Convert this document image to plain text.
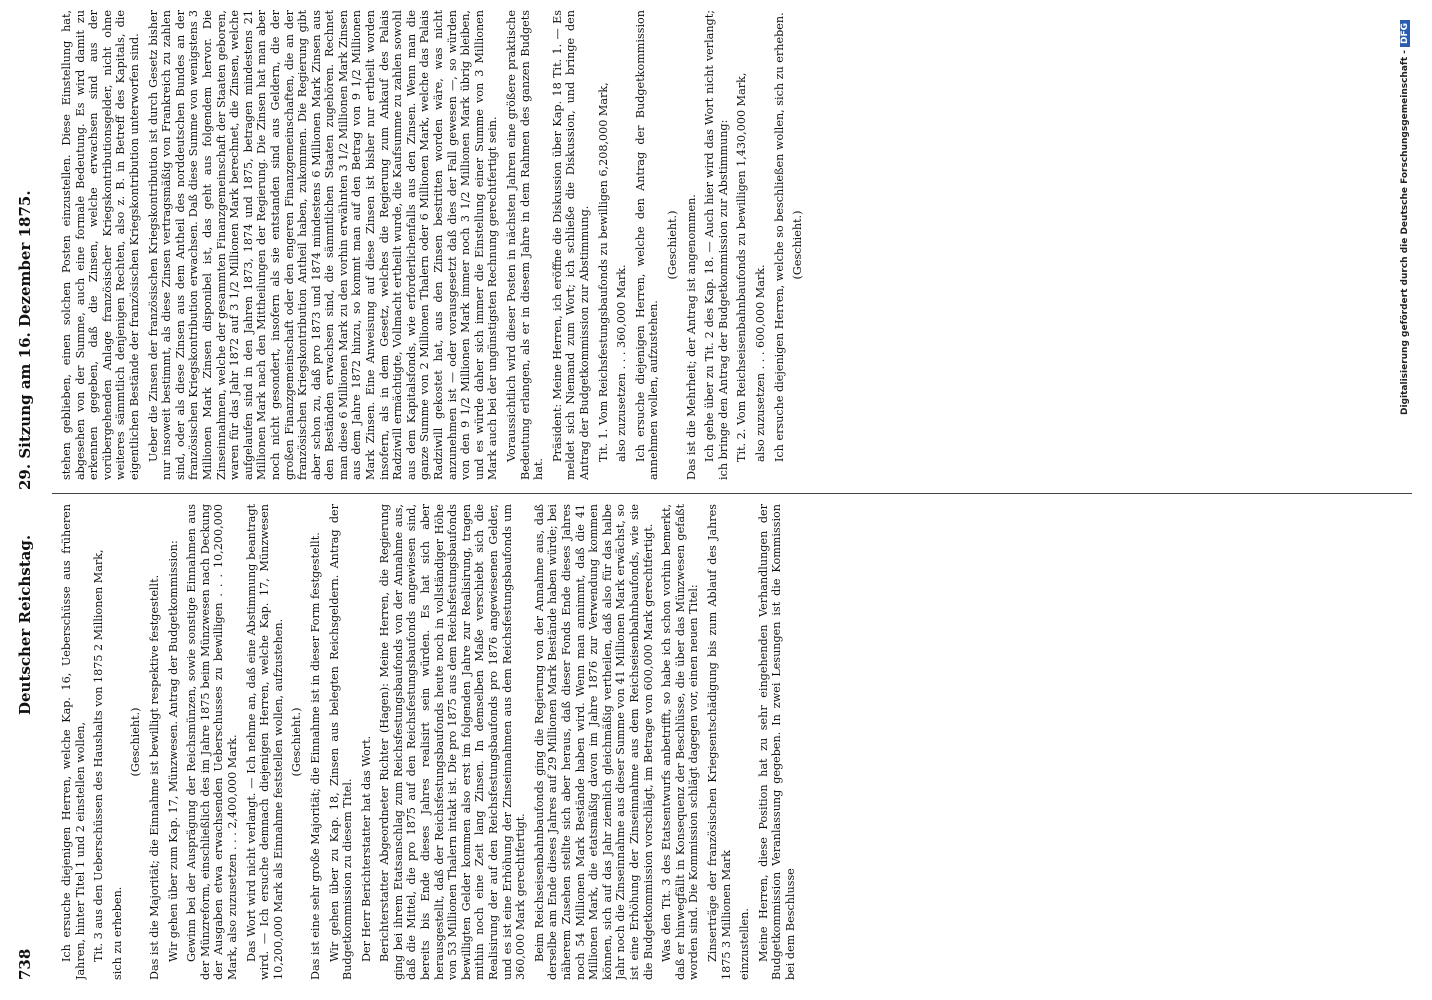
738
Deutscher Reichstag.
29. Sitzung am 16. Dezember 1875.

Ich ersuche diejenigen Herren, welche Kap. 16, Ueberschüsse aus früheren Jahren, hinter Titel 1 und 2 einstellen wollen, Tit. 3 aus den Ueberschüssen des Haushalts von 1875 2 Millionen Mark, sich zu erheben.

(Geschieht.) Das ist die Majorität; die Einnahme ist bewilligt respektive festgestellt. Wir gehen über zum Kap. 17, Münzwesen. Antrag der Budgetkommission: Gewinn bei der Ausprägung der Reichsmünzen, sowie sonstige Einnahmen aus der Münzreform, einschließlich des im Jahre 1875 beim Münzwesen nach Deckung der Ausgaben etwa erwachsenden Ueberschusses zu bewilligen . . . 10,200,000 Mark, also zuzusetzen . . . 2,400,000 Mark. Das Wort wird nicht verlangt. — Ich nehme an, daß eine Abstimmung beantragt wird. — Ich ersuche demnach diejenigen Herren, welche Kap. 17, Münzwesen 10,200,000 Mark als Einnahme feststellen wollen, aufzustehen. (Geschieht.) Das ist eine sehr große Majorität; die Einnahme ist in dieser Form festgestellt. Wir gehen über zu Kap. 18, Zinsen aus belegten Reichsgeldern. Antrag der Budgetkommission zu diesem Titel. Der Herr Berichterstatter hat das Wort. Berichterstatter Abgeordneter Richter (Hagen): Meine Herren, die Regierung ging bei ihrem Etatsanschlag zum Reichsfestungsbaufonds von der Annahme aus, daß die Mittel, die pro 1875 auf den Reichsfestungsbaufonds angewiesen sind, bereits bis Ende dieses Jahres realisirt sein würden. Es hat sich aber herausgestellt, daß der Reichsfestungsbaufonds heute noch in vollständiger Höhe von 53 Millionen Thalern intakt ist. Die pro 1875 aus dem Reichsfestungsbaufonds bewilligten Gelder kommen also erst im folgenden Jahre zur Realisirung, tragen mithin noch eine Zeit lang Zinsen. In demselben Maße verschiebt sich die Realisirung der auf den Reichsfestungsbaufonds pro 1876 angewiesenen Gelder, und es ist eine Erhöhung der Zinseinnahmen aus dem Reichsfestungsbaufonds um 360,000 Mark gerechtfertigt. Beim Reichseisenbahnbaufonds ging die Regierung von der Annahme aus, daß derselbe am Ende dieses Jahres auf 29 Millionen Mark Bestände haben würde; bei näherem Zusehen stellte sich aber heraus, daß dieser Fonds Ende dieses Jahres noch 54 Millionen Mark Bestände haben wird. Wenn man annimmt, daß die 41 Millionen Mark, die etatsmäßig davon im Jahre 1876 zur Verwendung kommen können, sich auf das Jahr ziemlich gleichmäßig vertheilen, daß also für das halbe Jahr noch die Zinseinnahme aus dieser Summe von 41 Millionen Mark erwächst, so ist eine Erhöhung der Zinseinnahme aus dem Reichseisenbahnbaufonds, wie sie die Budgetkommission vorschlägt, im Betrage von 600,000 Mark gerechtfertigt. Was den Tit. 3 des Etatsentwurfs anbetrifft, so habe ich schon vorhin bemerkt, daß er hinwegfällt in Konsequenz der Beschlüsse, die über das Münzwesen gefaßt worden sind. Die Kommission schlägt dagegen vor, einen neuen Titel: Zinserträge der französischen Kriegsentschädigung bis zum Ablauf des Jahres 1875 3 Millionen Mark einzustellen. Meine Herren, diese Position hat zu sehr eingehenden Verhandlungen der Budgetkommission Veranlassung gegeben. In zwei Lesungen ist die Kommission bei dem Beschlusse

stehen geblieben, einen solchen Posten einzustellen. Diese Einstellung hat, abgesehen von der Summe, auch eine formale Bedeutung. Es wird damit zu erkennen gegeben, daß die Zinsen, welche erwachsen sind aus der vorübergehenden Anlage französischer Kriegskontributionsgelder, nicht ohne weiteres sämmtlich denjenigen Rechten, also z. B. in Betreff des Kapitals, die eigentlichen Bestände der französischen Kriegskontribution unterworfen sind. Ueber die Zinsen der französischen Kriegskontribution ist durch Gesetz bisher nur insoweit bestimmt, als diese Zinsen vertragsmäßig von Frankreich zu zahlen sind, oder als diese Zinsen aus dem Antheil des norddeutschen Bundes an der französischen Kriegskontribution erwachsen. Daß diese Summe von wenigstens 3 Millionen Mark Zinsen disponibel ist, das geht aus folgendem hervor. Die Zinseinnahmen, welche der gesammten Finanzgemeinschaft der Staaten geboren, waren für das Jahr 1872 auf 3 1/2 Millionen Mark berechnet, die Zinsen, welche aufgelaufen sind in den Jahren 1873, 1874 und 1875, betragen mindestens 21 Millionen Mark nach den Mittheilungen der Regierung. Die Zinsen hat man aber noch nicht gesondert, insofern als sie entstanden sind aus Geldern, die der großen Finanzgemeinschaft oder den engeren Finanzgemeinschaften, die an der französischen Kriegskontribution Antheil haben, zukommen. Die Regierung gibt aber schon zu, daß pro 1873 und 1874 mindestens 6 Millionen Mark Zinsen aus den Beständen erwachsen sind, die sämmtlichen Staaten zugehören. Rechnet man diese 6 Millionen Mark zu den vorhin erwähnten 3 1/2 Millionen Mark Zinsen aus dem Jahre 1872 hinzu, so kommt man auf den Betrag von 9 1/2 Millionen Mark Zinsen. Eine Anweisung auf diese Zinsen ist bisher nur ertheilt worden insofern, als in dem Gesetz, welches die Regierung zum Ankauf des Palais Radziwill ermächtigte, Vollmacht ertheilt wurde, die Kaufsumme zu zahlen sowohl aus dem Kapitalsfonds, wie erforderlichenfalls aus den Zinsen. Wenn man die ganze Summe von 2 Millionen Thalern oder 6 Millionen Mark, welche das Palais Radziwill gekostet hat, aus den Zinsen bestritten worden wäre, was nicht anzunehmen ist — oder vorausgesetzt daß dies der Fall gewesen —, so würden von den 9 1/2 Millionen Mark immer noch 3 1/2 Millionen Mark übrig bleiben, und es würde daher sich immer die Einstellung einer Summe von 3 Millionen Mark auch bei der ungünstigsten Rechnung gerechtfertigt sein. Voraussichtlich wird dieser Posten in nächsten Jahren eine größere praktische Bedeutung erlangen, als er in diesem Jahre in dem Rahmen des ganzen Budgets hat.

Präsident: Meine Herren, ich eröffne die Diskussion über Kap. 18 Tit. 1. — Es meldet sich Niemand zum Wort; ich schließe die Diskussion, und bringe den Antrag der Budgetkommission zur Abstimmung. Tit. 1. Vom Reichsfestungsbaufonds zu bewilligen 6,208,000 Mark, also zuzusetzen . . . 360,000 Mark. Ich ersuche diejenigen Herren, welche den Antrag der Budgetkommission annehmen wollen, aufzustehen.

(Geschieht.) Das ist die Mehrheit; der Antrag ist angenommen. Ich gehe über zu Tit. 2 des Kap. 18. — Auch hier wird das Wort nicht verlangt; ich bringe den Antrag der Budgetkommission zur Abstimmung: Tit. 2. Vom Reichseisenbahnbaufonds zu bewilligen 1,430,000 Mark, also zuzusetzen . . . 600,000 Mark. Ich ersuche diejenigen Herren, welche so beschließen wollen, sich zu erheben. (Geschieht.)	Digitalisierung gefördert durch die Deutsche Forschungsgemeinschaft -DFG
